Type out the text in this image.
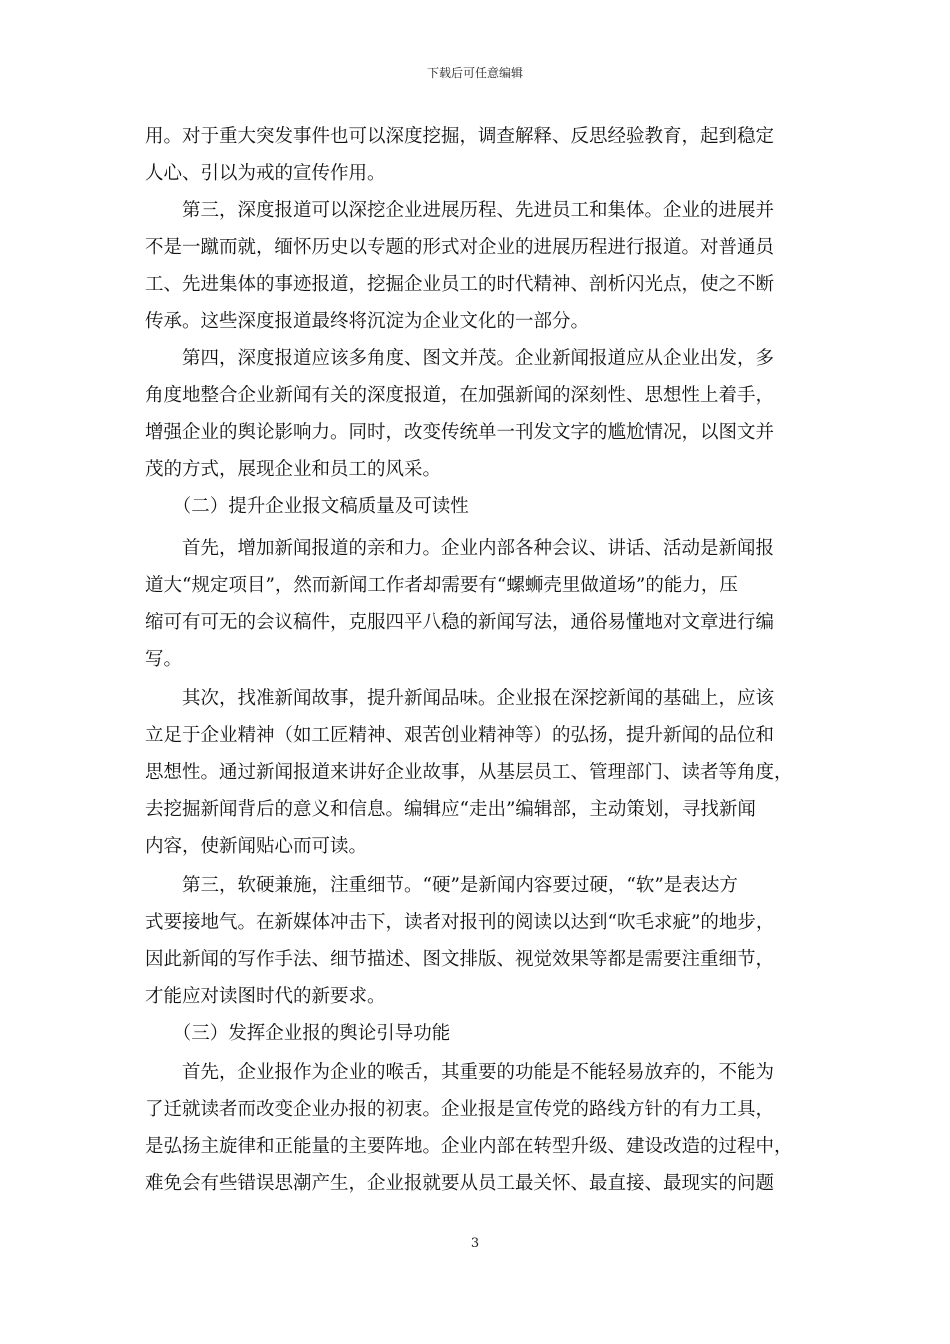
下载后可任意编辑
用。对于重大突发事件也可以深度挖掘，调查解释、反思经验教育，起到稳定
人心、引以为戒的宣传作用。
　　第三，深度报道可以深挖企业进展历程、先进员工和集体。企业的进展并
不是一蹴而就，缅怀历史以专题的形式对企业的进展历程进行报道。对普通员
工、先进集体的事迹报道，挖掘企业员工的时代精神、剖析闪光点，使之不断
传承。这些深度报道最终将沉淀为企业文化的一部分。
　　第四，深度报道应该多角度、图文并茂。企业新闻报道应从企业出发，多
角度地整合企业新闻有关的深度报道，在加强新闻的深刻性、思想性上着手，
增强企业的舆论影响力。同时，改变传统单一刊发文字的尴尬情况，以图文并
茂的方式，展现企业和员工的风采。
　　（二）提升企业报文稿质量及可读性
　　首先，增加新闻报道的亲和力。企业内部各种会议、讲话、活动是新闻报
道大“规定项目”，然而新闻工作者却需要有“螺蛳壳里做道场”的能力，压
缩可有可无的会议稿件，克服四平八稳的新闻写法，通俗易懂地对文章进行编
写。
　　其次，找准新闻故事，提升新闻品味。企业报在深挖新闻的基础上，应该
立足于企业精神（如工匠精神、艰苦创业精神等）的弘扬，提升新闻的品位和
思想性。通过新闻报道来讲好企业故事，从基层员工、管理部门、读者等角度，
去挖掘新闻背后的意义和信息。编辑应“走出”编辑部，主动策划，寻找新闻
内容，使新闻贴心而可读。
　　第三，软硬兼施，注重细节。“硬”是新闻内容要过硬，“软”是表达方
式要接地气。在新媒体冲击下，读者对报刊的阅读以达到“吹毛求疵”的地步，
因此新闻的写作手法、细节描述、图文排版、视觉效果等都是需要注重细节，
才能应对读图时代的新要求。
　　（三）发挥企业报的舆论引导功能
　　首先，企业报作为企业的喉舌，其重要的功能是不能轻易放弃的，不能为
了迁就读者而改变企业办报的初衷。企业报是宣传党的路线方针的有力工具，
是弘扬主旋律和正能量的主要阵地。企业内部在转型升级、建设改造的过程中，
难免会有些错误思潮产生，企业报就要从员工最关怀、最直接、最现实的问题
3
